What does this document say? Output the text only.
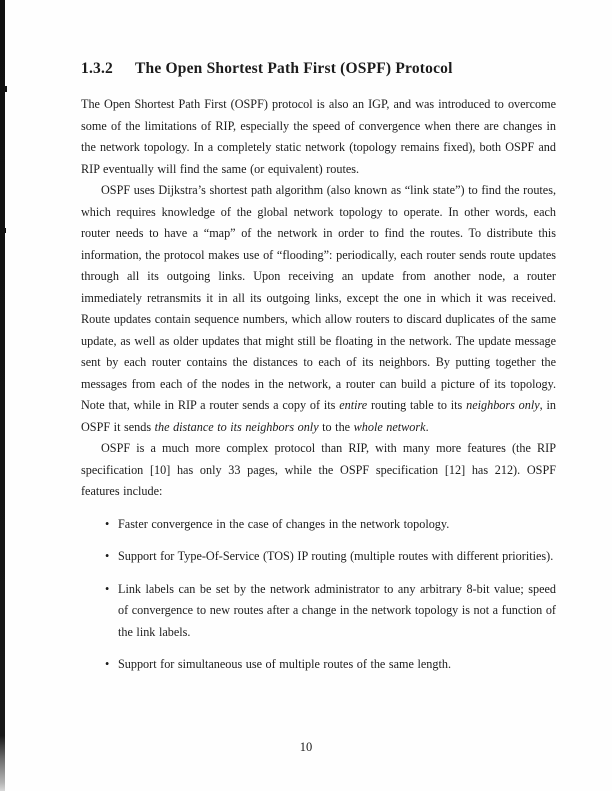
1.3.2 The Open Shortest Path First (OSPF) Protocol
The Open Shortest Path First (OSPF) protocol is also an IGP, and was introduced to overcome some of the limitations of RIP, especially the speed of convergence when there are changes in the network topology. In a completely static network (topology remains fixed), both OSPF and RIP eventually will find the same (or equivalent) routes.
OSPF uses Dijkstra’s shortest path algorithm (also known as “link state”) to find the routes, which requires knowledge of the global network topology to operate. In other words, each router needs to have a “map” of the network in order to find the routes. To distribute this information, the protocol makes use of “flooding”: periodically, each router sends route updates through all its outgoing links. Upon receiving an update from another node, a router immediately retransmits it in all its outgoing links, except the one in which it was received. Route updates contain sequence numbers, which allow routers to discard duplicates of the same update, as well as older updates that might still be floating in the network. The update message sent by each router contains the distances to each of its neighbors. By putting together the messages from each of the nodes in the network, a router can build a picture of its topology. Note that, while in RIP a router sends a copy of its entire routing table to its neighbors only, in OSPF it sends the distance to its neighbors only to the whole network.
OSPF is a much more complex protocol than RIP, with many more features (the RIP specification [10] has only 33 pages, while the OSPF specification [12] has 212). OSPF features include:
• Faster convergence in the case of changes in the network topology.
• Support for Type-Of-Service (TOS) IP routing (multiple routes with different priorities).
• Link labels can be set by the network administrator to any arbitrary 8-bit value; speed of convergence to new routes after a change in the network topology is not a function of the link labels.
• Support for simultaneous use of multiple routes of the same length.
10
